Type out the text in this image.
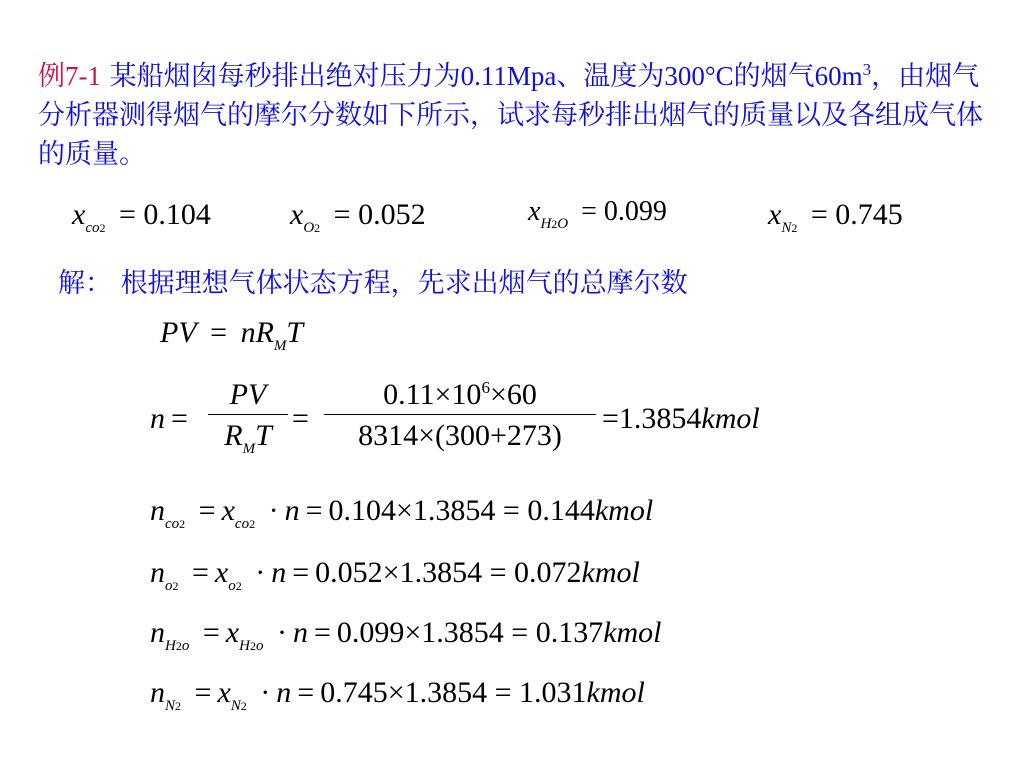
例7-1 某船烟囱每秒排出绝对压力为0.11Mpa、温度为300°C的烟气$60m^3$，由烟气分析器测得烟气的摩尔分数如下所示，试求每秒排出烟气的质量以及各组成气体的质量。
$x_{co2} = 0.104$	$x_{O2} = 0.052$	$x_{H2O} = 0.099$	$x_{N2} = 0.745$
解： 根据理想气体状态方程，先求出烟气的总摩尔数
PV = $nR_MT$
n =
PV
$R_MT$
= $\frac{0.11\times 10^6\times 60}{8314\times(300+273)}$ =1.3854kmol
$n_{co2} = x_{co2} \cdot n = 0.104\times 1.3854$ = 0.144kmol
$n_{o2} = x_{o2} \cdot n = 0.052\times 1.3854$ = 0.072kmol
$n_{H2o} = x_{H2o} \cdot n = 0.099\times 1.3854$ = 0.137kmol
$n_{N2} = x_{N2} \cdot n = 0.745\times 1.3854$ = 1.031kmol
